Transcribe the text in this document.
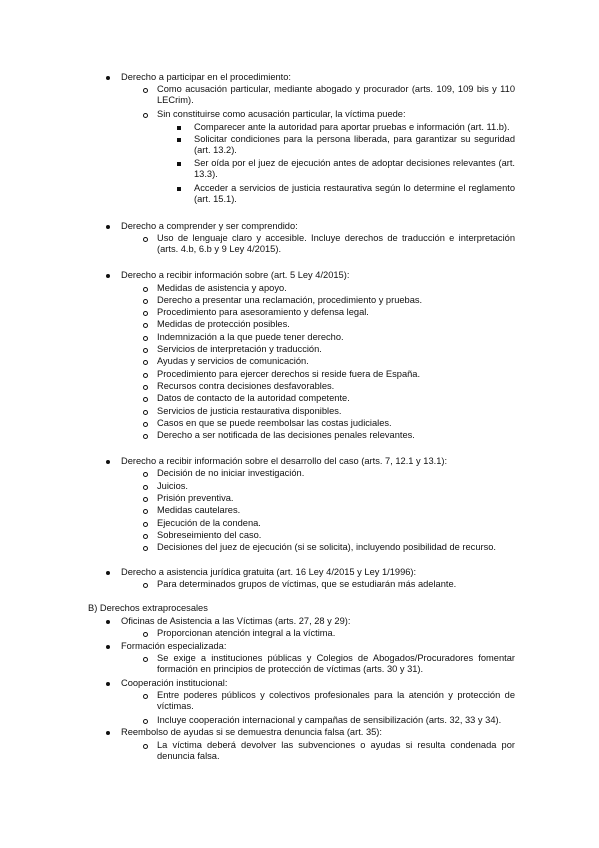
Derecho a participar en el procedimiento:
Como acusación particular, mediante abogado y procurador (arts. 109, 109 bis y 110 LECrim).
Sin constituirse como acusación particular, la víctima puede:
Comparecer ante la autoridad para aportar pruebas e información (art. 11.b).
Solicitar condiciones para la persona liberada, para garantizar su seguridad (art. 13.2).
Ser oída por el juez de ejecución antes de adoptar decisiones relevantes (art. 13.3).
Acceder a servicios de justicia restaurativa según lo determine el reglamento (art. 15.1).
Derecho a comprender y ser comprendido:
Uso de lenguaje claro y accesible. Incluye derechos de traducción e interpretación (arts. 4.b, 6.b y 9 Ley 4/2015).
Derecho a recibir información sobre (art. 5 Ley 4/2015):
Medidas de asistencia y apoyo.
Derecho a presentar una reclamación, procedimiento y pruebas.
Procedimiento para asesoramiento y defensa legal.
Medidas de protección posibles.
Indemnización a la que puede tener derecho.
Servicios de interpretación y traducción.
Ayudas y servicios de comunicación.
Procedimiento para ejercer derechos si reside fuera de España.
Recursos contra decisiones desfavorables.
Datos de contacto de la autoridad competente.
Servicios de justicia restaurativa disponibles.
Casos en que se puede reembolsar las costas judiciales.
Derecho a ser notificada de las decisiones penales relevantes.
Derecho a recibir información sobre el desarrollo del caso (arts. 7, 12.1 y 13.1):
Decisión de no iniciar investigación.
Juicios.
Prisión preventiva.
Medidas cautelares.
Ejecución de la condena.
Sobreseimiento del caso.
Decisiones del juez de ejecución (si se solicita), incluyendo posibilidad de recurso.
Derecho a asistencia jurídica gratuita (art. 16 Ley 4/2015 y Ley 1/1996):
Para determinados grupos de víctimas, que se estudiarán más adelante.
B) Derechos extraprocesales
Oficinas de Asistencia a las Víctimas (arts. 27, 28 y 29):
Proporcionan atención integral a la víctima.
Formación especializada:
Se exige a instituciones públicas y Colegios de Abogados/Procuradores fomentar formación en principios de protección de víctimas (arts. 30 y 31).
Cooperación institucional:
Entre poderes públicos y colectivos profesionales para la atención y protección de víctimas.
Incluye cooperación internacional y campañas de sensibilización (arts. 32, 33 y 34).
Reembolso de ayudas si se demuestra denuncia falsa (art. 35):
La víctima deberá devolver las subvenciones o ayudas si resulta condenada por denuncia falsa.
